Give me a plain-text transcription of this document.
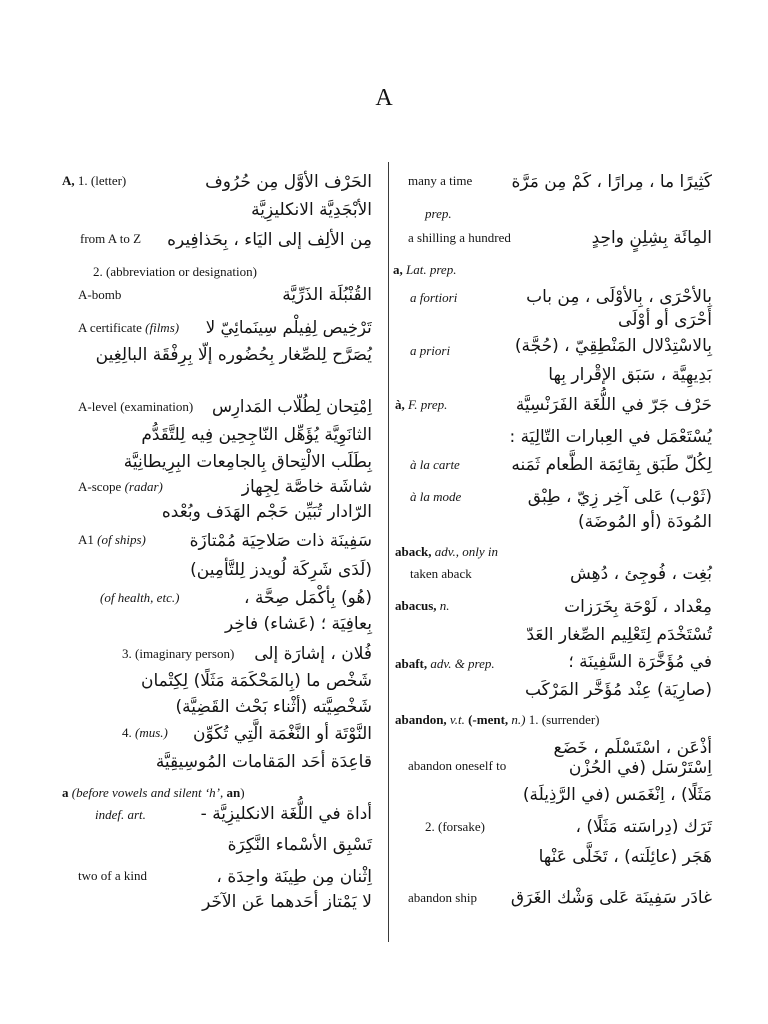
A
A, 1. (letter)	الحَرْف الأوَّل مِن حُرُوف
الأبْجَدِيَّة الانكليزِيَّة
from A to Z	مِن الألِف إلى اليَاء ، بِحَذافِيره
2. (abbreviation or designation)
A-bomb	القُنْبُلَة الذَرِّيَّة
A certificate (films) تَرْخِيص لِفِيلْم سِينَمائِيّ لا
يُصَرَّح لِلصِّغار بِحُضُوره إلّا بِرِفْقَة البالِغِين
A-level (examination) اِمْتِحان لِطُلّاب المَدارِس
الثانَوِيَّة يُؤَهِّل النّاجِحِين فِيه لِلتَّقَدُّم
بِطَلَب الالْتِحاق بِالجامِعات البِرِيطانِيَّة
A-scope (radar)	شاشَة خاصَّة لِجِهاز
الرّادار تُبَيِّن حَجْم الهَدَف وبُعْده
A1 (of ships)	سَفِينَة ذات صَلاحِيَة مُمْتازَة
(لَدَى شَرِكَة لُويدز لِلتَّأمِين)
(of health, etc.)	(هُو) بِأكْمَل صِحَّة ،
بِعافِيَة ؛ (عَشاء) فاخِر
3. (imaginary person) فُلان ، إشارَة إلى
شَخْص ما (بِالمَحْكَمَة مَثَلًا) لِكِتْمان
شَخْصِيَّته (أثْناء بَحْث القَضِيَّة)
4. (mus.)	النَّوْتَة أو النَّغْمَة الَّتِي تُكَوِّن
قاعِدَة أحَد المَقامات المُوسِيقِيَّة
a (before vowels and silent ‘h’, an)
indef. art.	أداة في اللُّغَة الانكليزِيَّة -
تَسْبِق الأسْماء النَّكِرَة
two of a kind	اِثْنان مِن طِينَة واحِدَة ،
لا يَمْتاز أحَدهما عَن الآخَر
many a time	كَثِيرًا ما ، مِرارًا ، كَمْ مِن مَرَّة
prep.
a shilling a hundred	المِائَة بِشِلِنٍ واحِدٍ
a, Lat. prep.
a fortiori	بِالأحْرَى ، بِالأوْلَى ، مِن باب
أحْرَى أو أوْلَى
a priori	بِالاسْتِدْلال المَنْطِقِيّ ، (حُجَّة)
بَدِيهِيَّة ، سَبَق الإقْرار بِها
à, F. prep.	حَرْف جَرّ في اللُّغَة الفَرَنْسِيَّة
يُسْتَعْمَل في العِبارات التّالِيَة :
à la carte	لِكُلّ طَبَق بِقائِمَة الطَّعام ثَمَنه
à la mode	(ثَوْب) عَلى آخِر زِيّ ، طِبْق
المُودَة (أو المُوضَة)
aback, adv., only in
taken aback	بُغِت ، فُوجِئ ، دُهِش
abacus, n.	مِعْداد ، لَوْحَة بِخَرَزات
تُسْتَخْدَم لِتَعْلِيم الصِّغار العَدّ
abaft, adv. & prep.	في مُؤَخَّرَة السَّفِينَة ؛
(صارِيَة) عِنْد مُؤَخَّر المَرْكَب
abandon, v.t. (-ment, n.) 1. (surrender)
أذْعَن ، اسْتَسْلَم ، خَضَع
abandon oneself to	اِسْتَرْسَل (في الحُزْن
مَثَلًا) ، اِنْغَمَس (في الرَّذِيلَة)
2. (forsake)	تَرَك (دِراسَته مَثَلًا) ،
هَجَر (عائِلَته) ، تَخَلَّى عَنْها
abandon ship	غادَر سَفِينَة عَلى وَشْك الغَرَق
